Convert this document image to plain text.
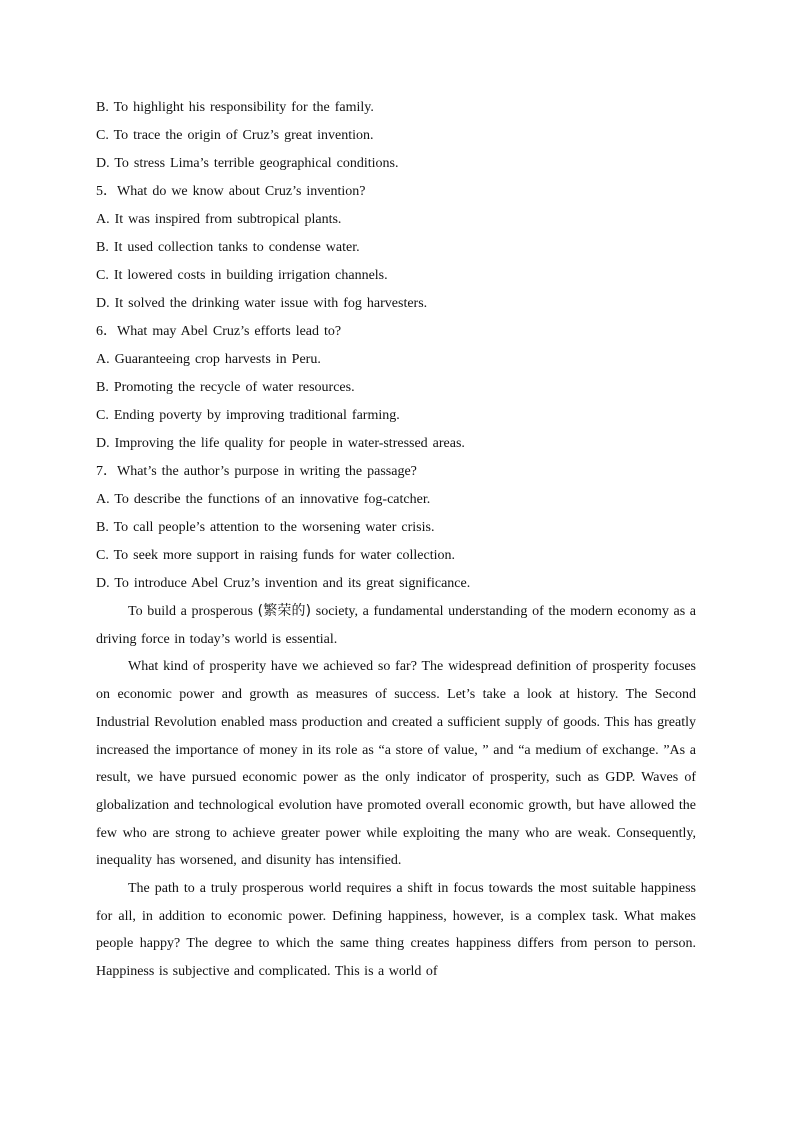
B. To highlight his responsibility for the family.
C. To trace the origin of Cruz’s great invention.
D. To stress Lima’s terrible geographical conditions.
5．What do we know about Cruz’s invention?
A. It was inspired from subtropical plants.
B. It used collection tanks to condense water.
C. It lowered costs in building irrigation channels.
D. It solved the drinking water issue with fog harvesters.
6．What may Abel Cruz’s efforts lead to?
A. Guaranteeing crop harvests in Peru.
B. Promoting the recycle of water resources.
C. Ending poverty by improving traditional farming.
D. Improving the life quality for people in water-stressed areas.
7．What’s the author’s purpose in writing the passage?
A. To describe the functions of an innovative fog-catcher.
B. To call people’s attention to the worsening water crisis.
C. To seek more support in raising funds for water collection.
D. To introduce Abel Cruz’s invention and its great significance.

To build a prosperous (繁荣的) society, a fundamental understanding of the modern economy as a driving force in today’s world is essential.

What kind of prosperity have we achieved so far? The widespread definition of prosperity focuses on economic power and growth as measures of success. Let’s take a look at history. The Second Industrial Revolution enabled mass production and created a sufficient supply of goods. This has greatly increased the importance of money in its role as “a store of value, ” and “a medium of exchange. ”As a result, we have pursued economic power as the only indicator of prosperity, such as GDP. Waves of globalization and technological evolution have promoted overall economic growth, but have allowed the few who are strong to achieve greater power while exploiting the many who are weak. Consequently, inequality has worsened, and disunity has intensified.

The path to a truly prosperous world requires a shift in focus towards the most suitable happiness for all, in addition to economic power. Defining happiness, however, is a complex task. What makes people happy? The degree to which the same thing creates happiness differs from person to person. Happiness is subjective and complicated. This is a world of
